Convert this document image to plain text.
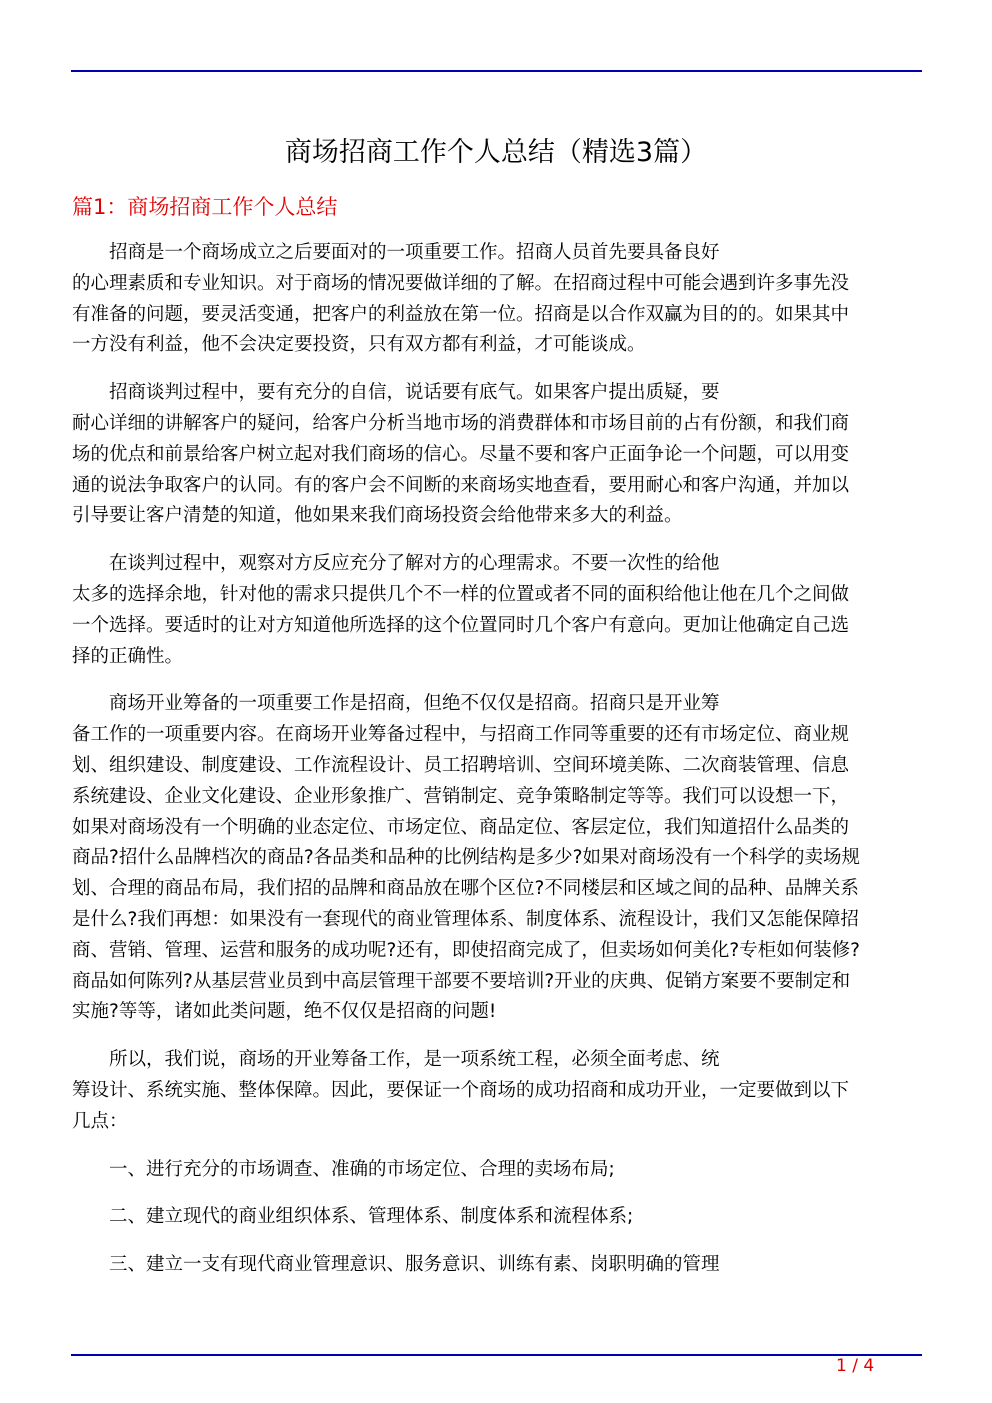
商场招商工作个人总结（精选3篇）
篇1：商场招商工作个人总结
招商是一个商场成立之后要面对的一项重要工作。招商人员首先要具备良好
的心理素质和专业知识。对于商场的情况要做详细的了解。在招商过程中可能会遇到许多事先没
有准备的问题，要灵活变通，把客户的利益放在第一位。招商是以合作双赢为目的的。如果其中
一方没有利益，他不会决定要投资，只有双方都有利益，才可能谈成。
招商谈判过程中，要有充分的自信，说话要有底气。如果客户提出质疑，要
耐心详细的讲解客户的疑问，给客户分析当地市场的消费群体和市场目前的占有份额，和我们商
场的优点和前景给客户树立起对我们商场的信心。尽量不要和客户正面争论一个问题，可以用变
通的说法争取客户的认同。有的客户会不间断的来商场实地查看，要用耐心和客户沟通，并加以
引导要让客户清楚的知道，他如果来我们商场投资会给他带来多大的利益。
在谈判过程中，观察对方反应充分了解对方的心理需求。不要一次性的给他
太多的选择余地，针对他的需求只提供几个不一样的位置或者不同的面积给他让他在几个之间做
一个选择。要适时的让对方知道他所选择的这个位置同时几个客户有意向。更加让他确定自己选
择的正确性。
商场开业筹备的一项重要工作是招商，但绝不仅仅是招商。招商只是开业筹
备工作的一项重要内容。在商场开业筹备过程中，与招商工作同等重要的还有市场定位、商业规
划、组织建设、制度建设、工作流程设计、员工招聘培训、空间环境美陈、二次商装管理、信息
系统建设、企业文化建设、企业形象推广、营销制定、竞争策略制定等等。我们可以设想一下，
如果对商场没有一个明确的业态定位、市场定位、商品定位、客层定位，我们知道招什么品类的
商品?招什么品牌档次的商品?各品类和品种的比例结构是多少?如果对商场没有一个科学的卖场规
划、合理的商品布局，我们招的品牌和商品放在哪个区位?不同楼层和区域之间的品种、品牌关系
是什么?我们再想：如果没有一套现代的商业管理体系、制度体系、流程设计，我们又怎能保障招
商、营销、管理、运营和服务的成功呢?还有，即使招商完成了，但卖场如何美化?专柜如何装修?
商品如何陈列?从基层营业员到中高层管理干部要不要培训?开业的庆典、促销方案要不要制定和
实施?等等，诸如此类问题，绝不仅仅是招商的问题!
所以，我们说，商场的开业筹备工作，是一项系统工程，必须全面考虑、统
筹设计、系统实施、整体保障。因此，要保证一个商场的成功招商和成功开业，一定要做到以下
几点：
一、进行充分的市场调查、准确的市场定位、合理的卖场布局;
二、建立现代的商业组织体系、管理体系、制度体系和流程体系;
三、建立一支有现代商业管理意识、服务意识、训练有素、岗职明确的管理
1 / 4
